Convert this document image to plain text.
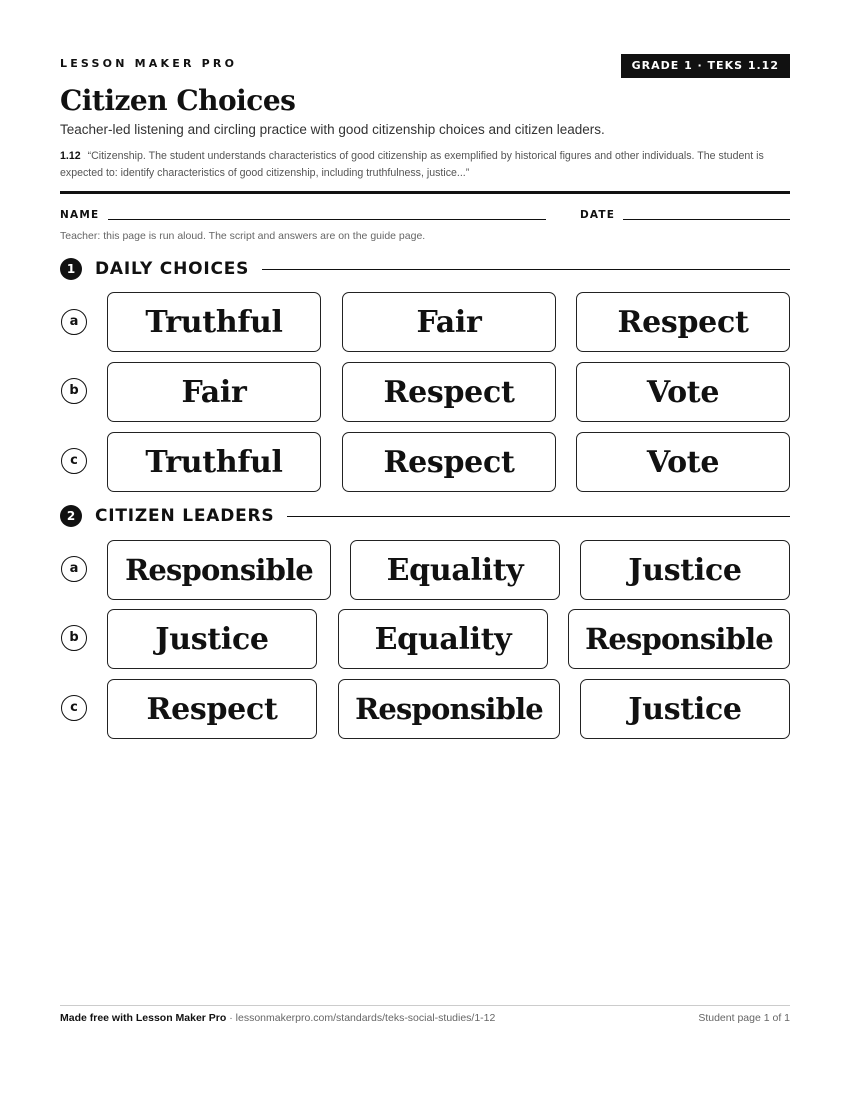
LESSON MAKER PRO	GRADE 1 · TEKS 1.12
Citizen Choices
Teacher-led listening and circling practice with good citizenship choices and citizen leaders.
1.12 “Citizenship. The student understands characteristics of good citizenship as exemplified by historical figures and other individuals. The student is expected to: identify characteristics of good citizenship, including truthfulness, justice...”
NAME	DATE
Teacher: this page is run aloud. The script and answers are on the guide page.
1	DAILY CHOICES
a	Truthful	Fair	Respect
b	Fair	Respect	Vote
c	Truthful	Respect	Vote
2	CITIZEN LEADERS
a	Responsible	Equality	Justice
b	Justice	Equality	Responsible
c	Respect	Responsible	Justice
Made free with Lesson Maker Pro · lessonmakerpro.com/standards/teks-social-studies/1-12	Student page 1 of 1
